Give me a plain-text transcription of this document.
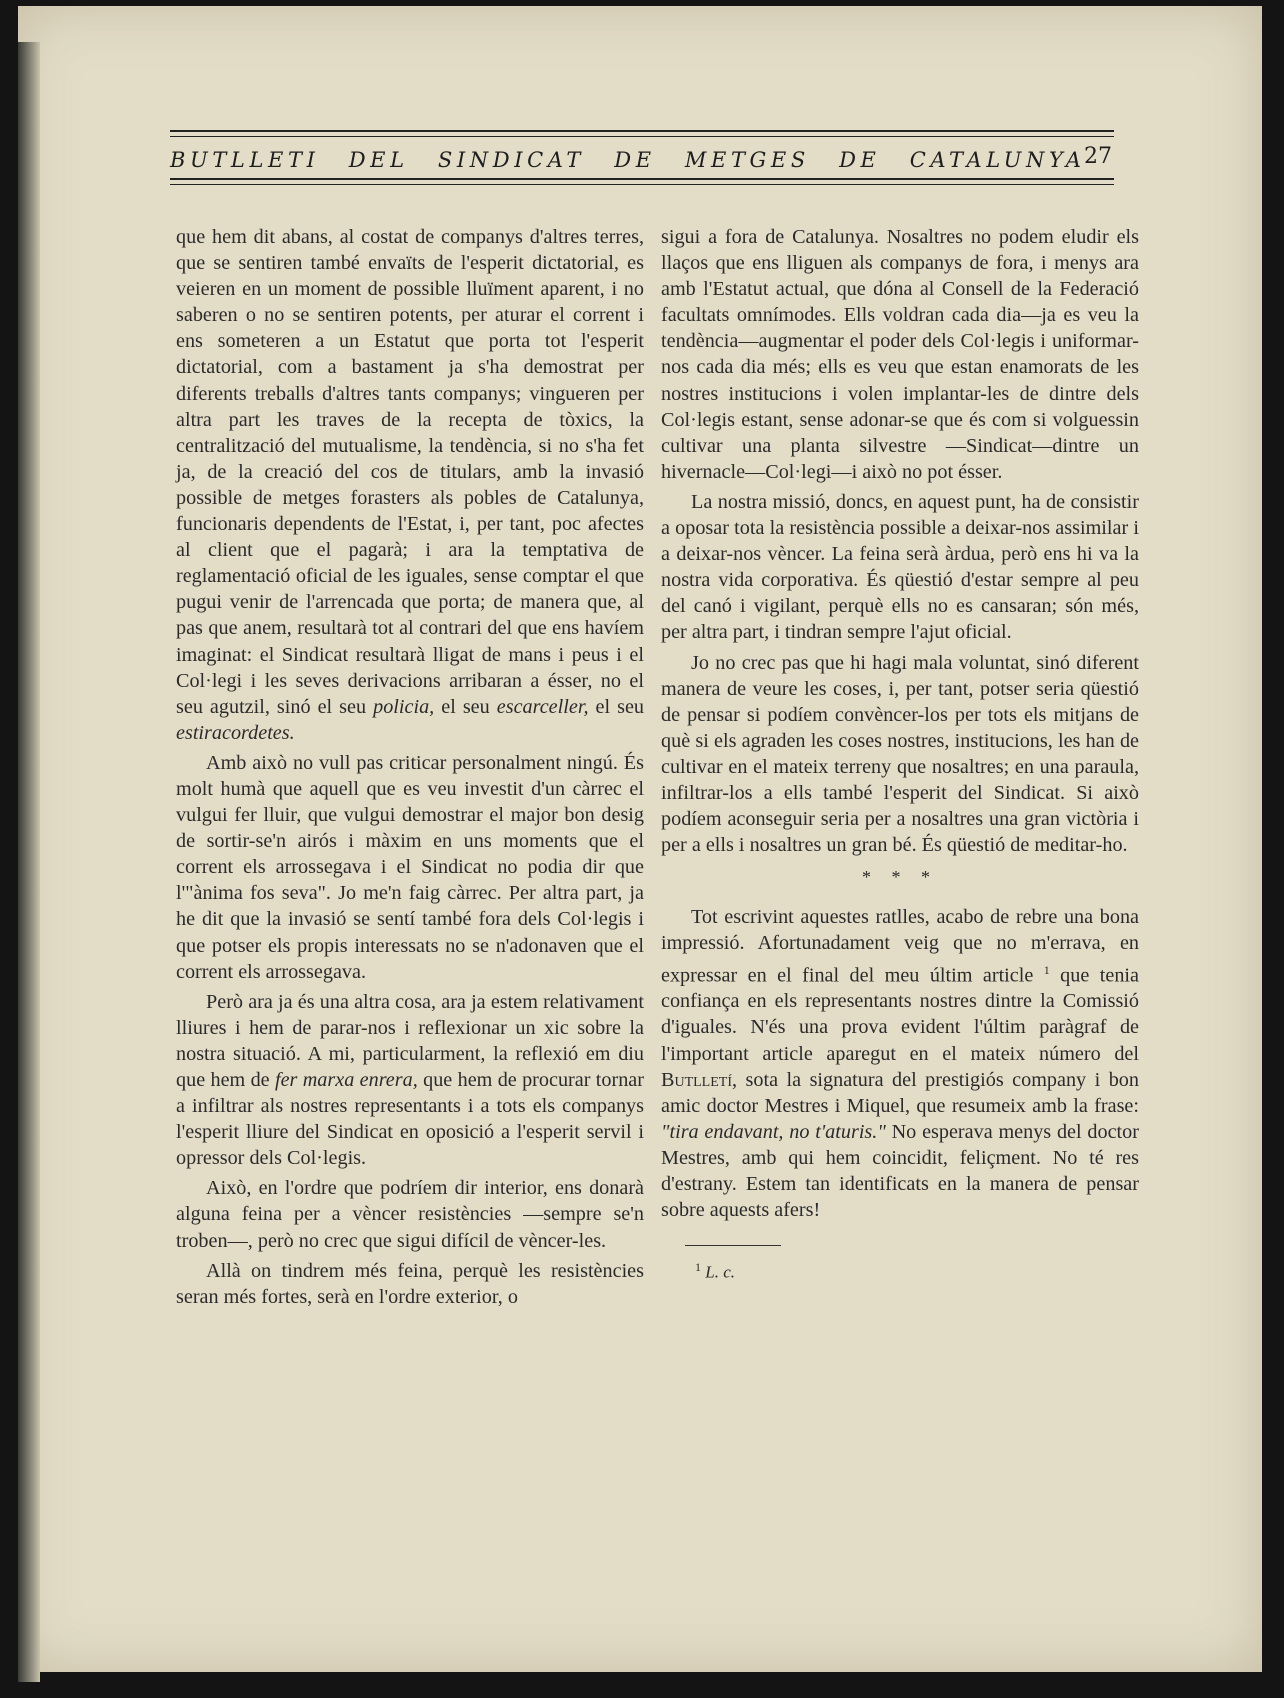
BUTLLETI DEL SINDICAT DE METGES DE CATALUNYA
27

que hem dit abans, al costat de companys d'altres terres, que se sentiren també envaïts de l'esperit dictatorial, es veieren en un moment de possible lluïment aparent, i no saberen o no se sentiren potents, per aturar el corrent i ens someteren a un Estatut que porta tot l'esperit dictatorial, com a bastament ja s'ha demostrat per diferents treballs d'altres tants companys; vingueren per altra part les traves de la recepta de tòxics, la centralització del mutualisme, la tendència, si no s'ha fet ja, de la creació del cos de titulars, amb la invasió possible de metges forasters als pobles de Catalunya, funcionaris dependents de l'Estat, i, per tant, poc afectes al client que el pagarà; i ara la temptativa de reglamentació oficial de les iguales, sense comptar el que pugui venir de l'arrencada que porta; de manera que, al pas que anem, resultarà tot al contrari del que ens havíem imaginat: el Sindicat resultarà lligat de mans i peus i el Col·legi i les seves derivacions arribaran a ésser, no el seu agutzil, sinó el seu policia, el seu escarceller, el seu estiracordetes.

Amb això no vull pas criticar personalment ningú. És molt humà que aquell que es veu investit d'un càrrec el vulgui fer lluir, que vulgui demostrar el major bon desig de sortir-se'n airós i màxim en uns moments que el corrent els arrossegava i el Sindicat no podia dir que l'"ànima fos seva". Jo me'n faig càrrec. Per altra part, ja he dit que la invasió se sentí també fora dels Col·legis i que potser els propis interessats no se n'adonaven que el corrent els arrossegava.

Però ara ja és una altra cosa, ara ja estem relativament lliures i hem de parar-nos i reflexionar un xic sobre la nostra situació. A mi, particularment, la reflexió em diu que hem de fer marxa enrera, que hem de procurar tornar a infiltrar als nostres representants i a tots els companys l'esperit lliure del Sindicat en oposició a l'esperit servil i opressor dels Col·legis.

Això, en l'ordre que podríem dir interior, ens donarà alguna feina per a vèncer resistències —sempre se'n troben—, però no crec que sigui difícil de vèncer-les.

Allà on tindrem més feina, perquè les resistències seran més fortes, serà en l'ordre exterior, o

sigui a fora de Catalunya. Nosaltres no podem eludir els llaços que ens lliguen als companys de fora, i menys ara amb l'Estatut actual, que dóna al Consell de la Federació facultats omnímodes. Ells voldran cada dia—ja es veu la tendència—augmentar el poder dels Col·legis i uniformar-nos cada dia més; ells es veu que estan enamorats de les nostres institucions i volen implantar-les de dintre dels Col·legis estant, sense adonar-se que és com si volguessin cultivar una planta silvestre —Sindicat—dintre un hivernacle—Col·legi—i això no pot ésser.

La nostra missió, doncs, en aquest punt, ha de consistir a oposar tota la resistència possible a deixar-nos assimilar i a deixar-nos vèncer. La feina serà àrdua, però ens hi va la nostra vida corporativa. És qüestió d'estar sempre al peu del canó i vigilant, perquè ells no es cansaran; són més, per altra part, i tindran sempre l'ajut oficial.

Jo no crec pas que hi hagi mala voluntat, sinó diferent manera de veure les coses, i, per tant, potser seria qüestió de pensar si podíem convèncer-los per tots els mitjans de què si els agraden les coses nostres, institucions, les han de cultivar en el mateix terreny que nosaltres; en una paraula, infiltrar-los a ells també l'esperit del Sindicat. Si això podíem aconseguir seria per a nosaltres una gran victòria i per a ells i nosaltres un gran bé. És qüestió de meditar-ho.

* * *

Tot escrivint aquestes ratlles, acabo de rebre una bona impressió. Afortunadament veig que no m'errava, en expressar en el final del meu últim article $^1$ que tenia confiança en els representants nostres dintre la Comissió d'iguales. N'és una prova evident l'últim paràgraf de l'important article aparegut en el mateix número del Butlletí, sota la signatura del prestigiós company i bon amic doctor Mestres i Miquel, que resumeix amb la frase: "tira endavant, no t'aturis." No esperava menys del doctor Mestres, amb qui hem coincidit, feliçment. No té res d'estrany. Estem tan identificats en la manera de pensar sobre aquests afers!

$^1$ L. c.
